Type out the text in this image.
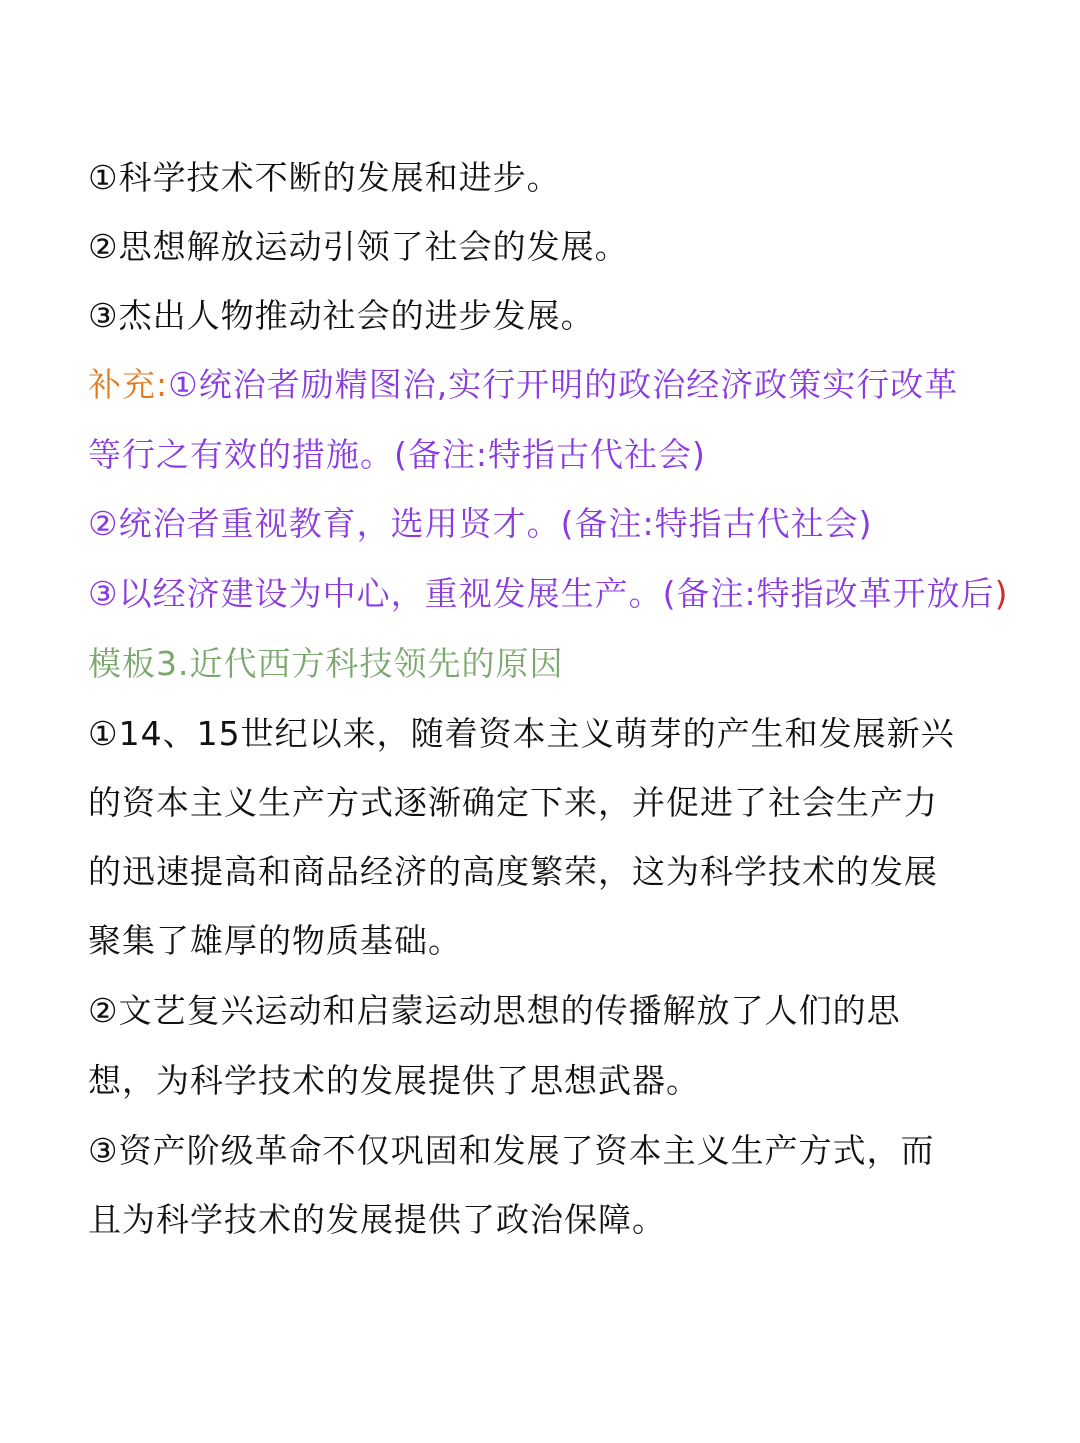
①科学技术不断的发展和进步。
②思想解放运动引领了社会的发展。
③杰出人物推动社会的进步发展。
补充:①统治者励精图治,实行开明的政治经济政策实行改革
等行之有效的措施。(备注:特指古代社会)
②统治者重视教育，选用贤才。(备注:特指古代社会)
③以经济建设为中心，重视发展生产。(备注:特指改革开放后)
模板3.近代西方科技领先的原因
①14、15世纪以来，随着资本主义萌芽的产生和发展新兴
的资本主义生产方式逐渐确定下来，并促进了社会生产力
的迅速提高和商品经济的高度繁荣，这为科学技术的发展
聚集了雄厚的物质基础。
②文艺复兴运动和启蒙运动思想的传播解放了人们的思
想，为科学技术的发展提供了思想武器。
③资产阶级革命不仅巩固和发展了资本主义生产方式，而
且为科学技术的发展提供了政治保障。
